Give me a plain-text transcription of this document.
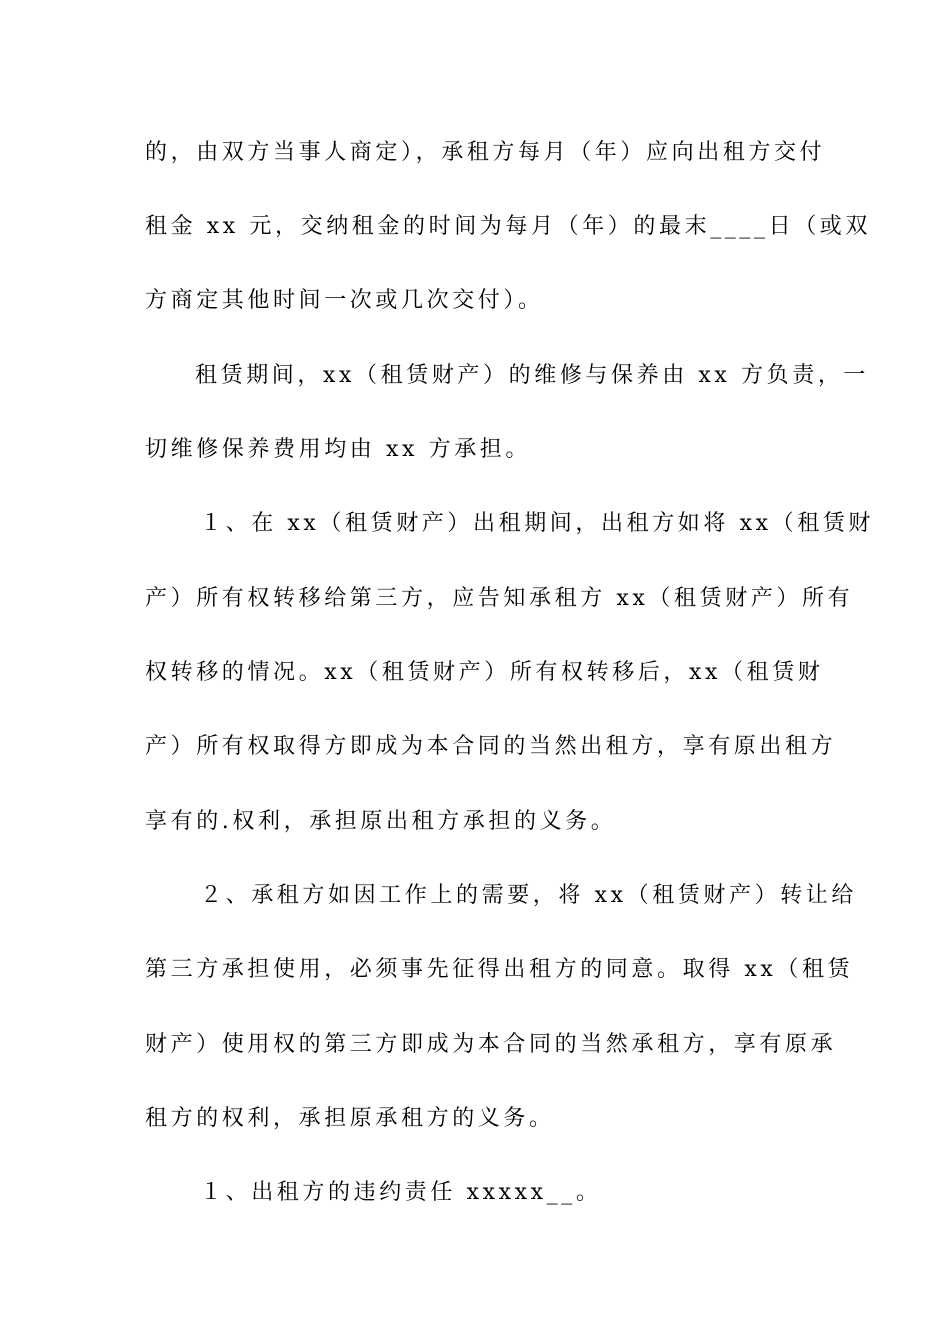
的，由双方当事人商定），承租方每月（年）应向出租方交付
租金 xx 元，交纳租金的时间为每月（年）的最末____日（或双
方商定其他时间一次或几次交付）。
租赁期间，xx（租赁财产）的维修与保养由 xx 方负责，一
切维修保养费用均由 xx 方承担。
１、在 xx（租赁财产）出租期间，出租方如将 xx（租赁财
产）所有权转移给第三方，应告知承租方 xx（租赁财产）所有
权转移的情况。xx（租赁财产）所有权转移后，xx（租赁财
产）所有权取得方即成为本合同的当然出租方，享有原出租方
享有的.权利，承担原出租方承担的义务。
２、承租方如因工作上的需要，将 xx（租赁财产）转让给
第三方承担使用，必须事先征得出租方的同意。取得 xx（租赁
财产）使用权的第三方即成为本合同的当然承租方，享有原承
租方的权利，承担原承租方的义务。
１、出租方的违约责任 xxxxx__。
